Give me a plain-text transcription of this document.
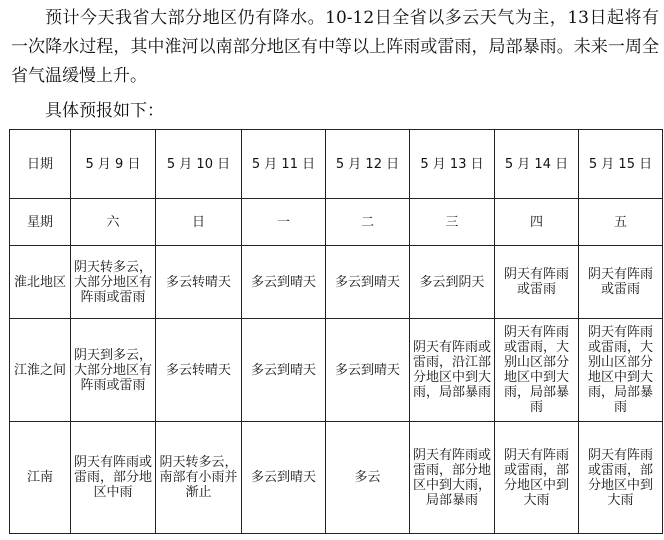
预计今天我省大部分地区仍有降水。10-12日全省以多云天气为主，13日起将有一次降水过程，其中淮河以南部分地区有中等以上阵雨或雷雨，局部暴雨。未来一周全省气温缓慢上升。

具体预报如下：

日期	5 月 9 日	5 月 10 日	5 月 11 日	5 月 12 日	5 月 13 日	5 月 14 日	5 月 15 日
星期	六	日	一	二	三	四	五
淮北地区	阴天转多云，大部分地区有阵雨或雷雨	多云转晴天	多云到晴天	多云到晴天	多云到阴天	阴天有阵雨或雷雨	阴天有阵雨或雷雨
江淮之间	阴天到多云，大部分地区有阵雨或雷雨	多云转晴天	多云到晴天	多云到晴天	阴天有阵雨或雷雨，沿江部分地区中到大雨，局部暴雨	阴天有阵雨或雷雨，大别山区部分地区中到大雨，局部暴雨	阴天有阵雨或雷雨，大别山区部分地区中到大雨，局部暴雨
江南	阴天有阵雨或雷雨，部分地区中雨	阴天转多云，南部有小雨并渐止	多云到晴天	多云	阴天有阵雨或雷雨，部分地区中到大雨，局部暴雨	阴天有阵雨或雷雨，部分地区中到大雨	阴天有阵雨或雷雨，部分地区中到大雨
